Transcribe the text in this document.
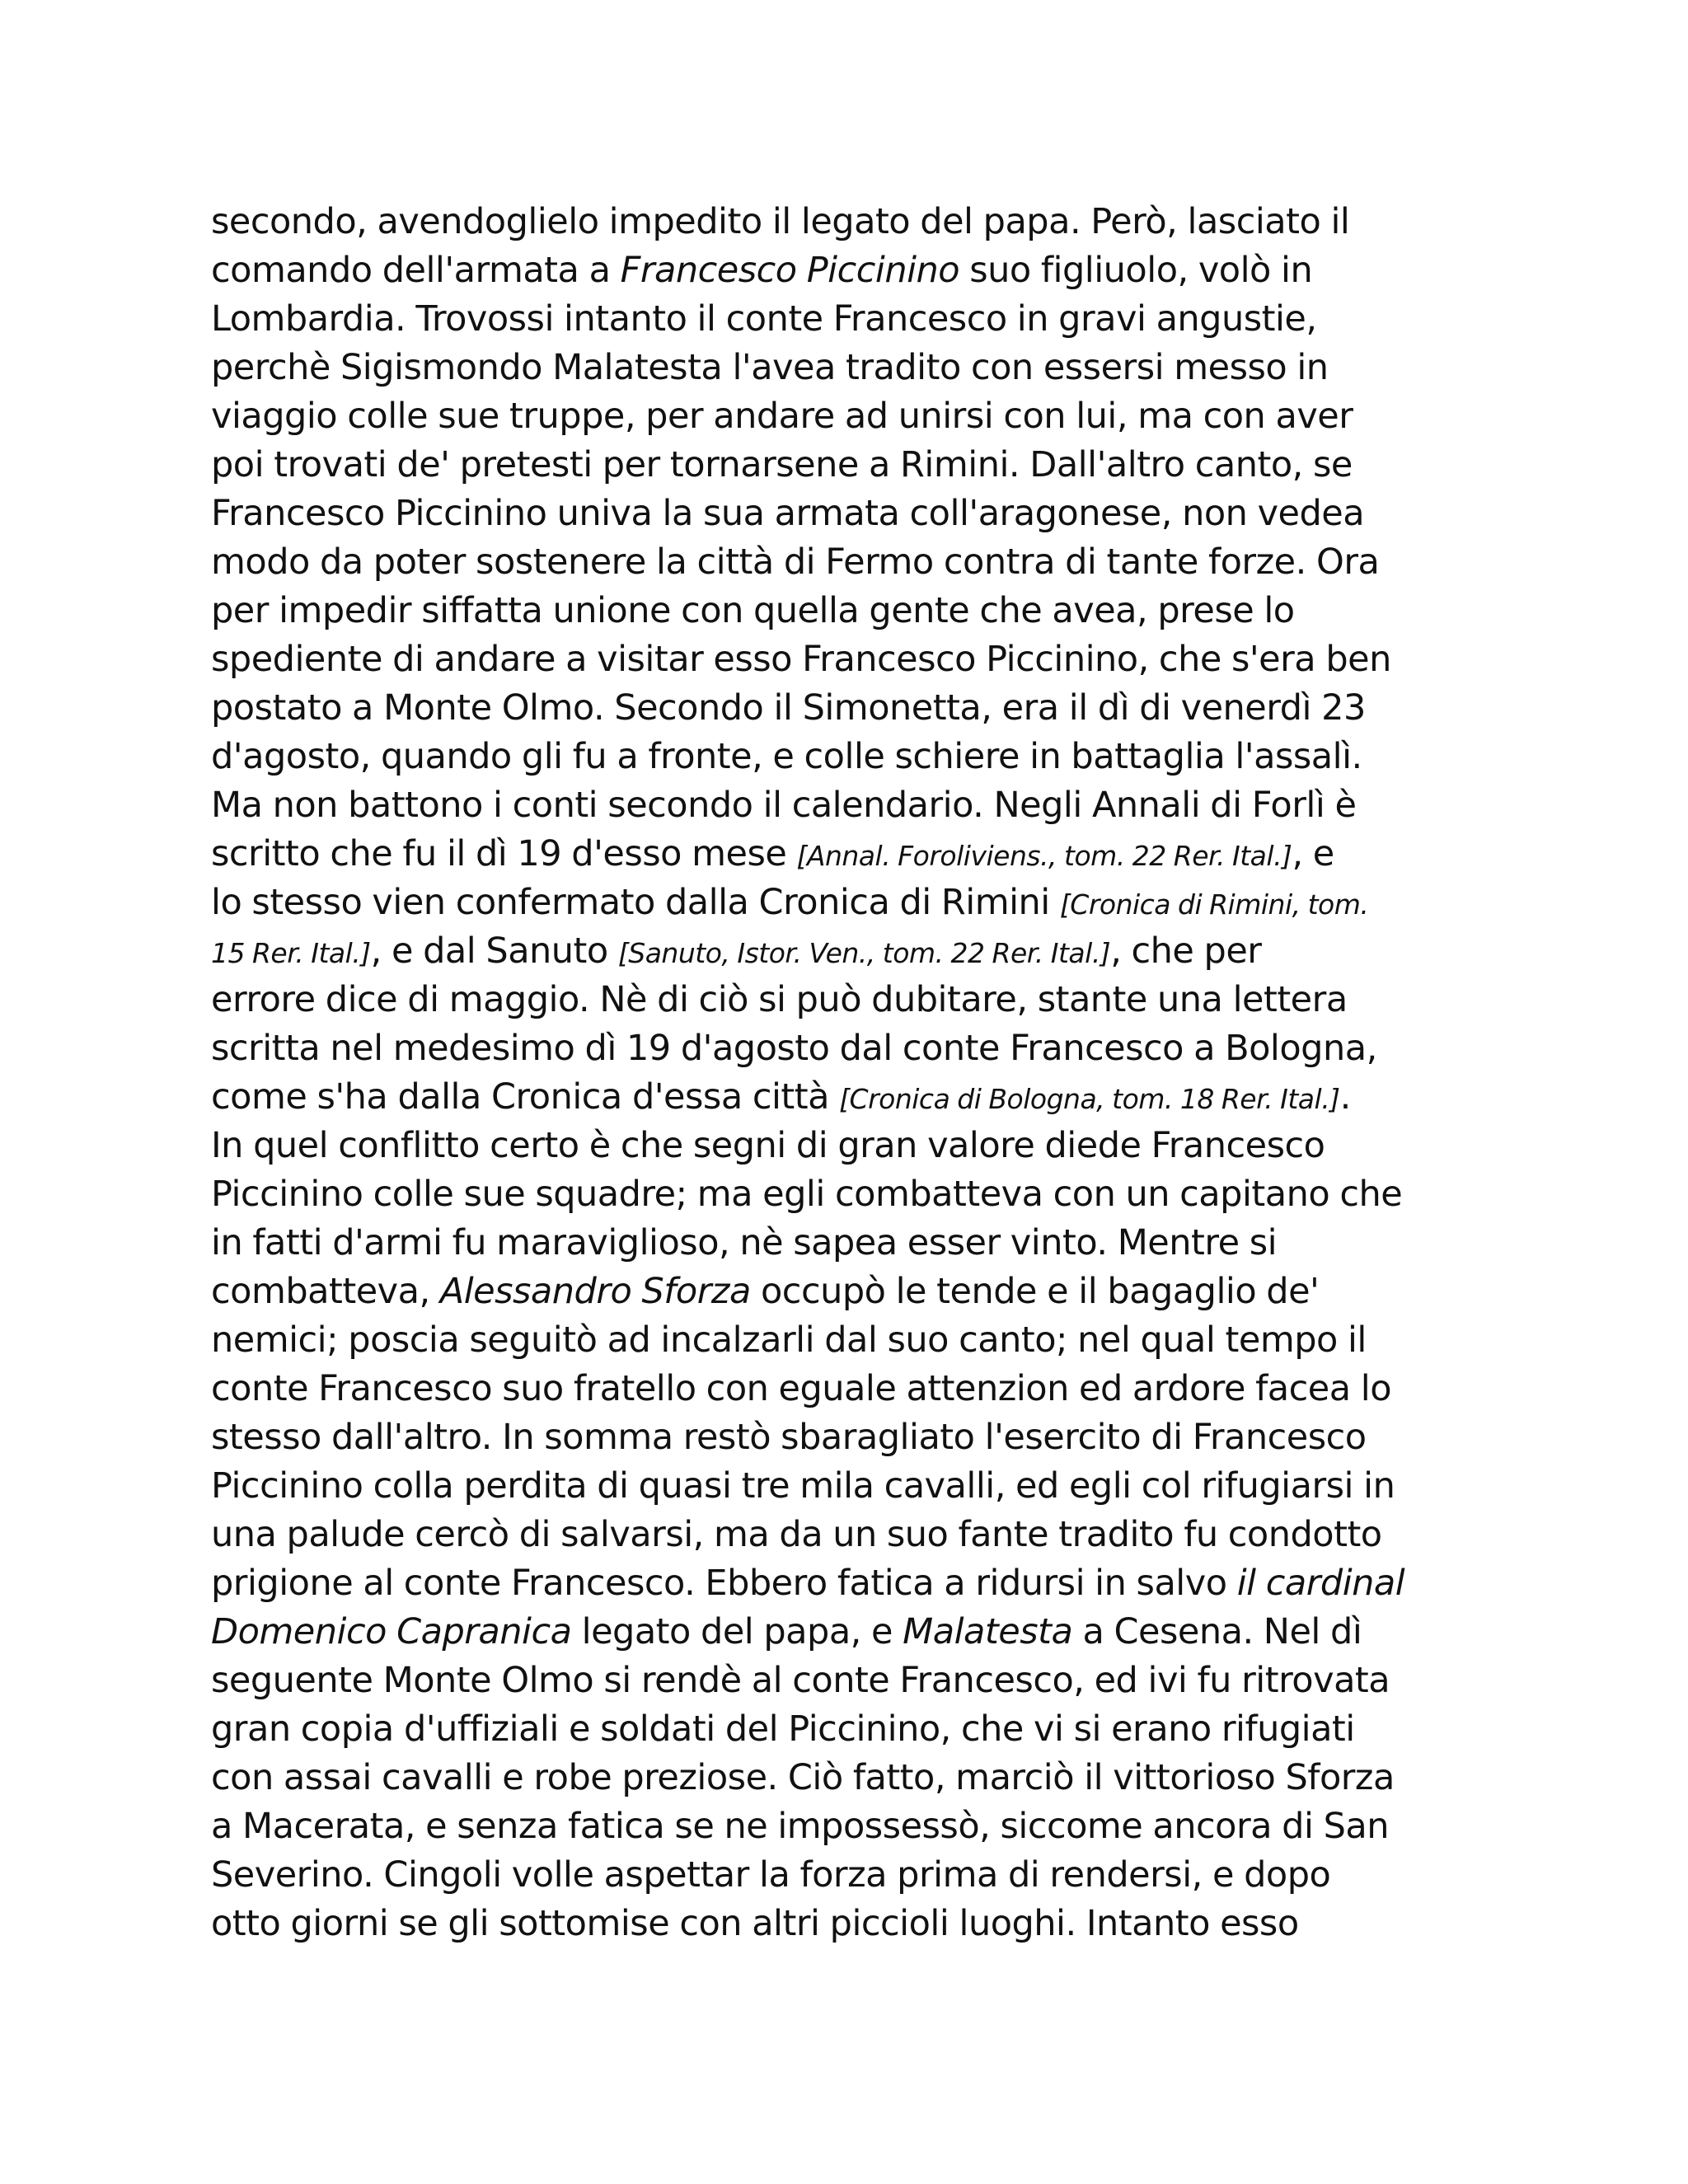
secondo, avendoglielo impedito il legato del papa. Però, lasciato il
comando dell'armata a Francesco Piccinino suo figliuolo, volò in
Lombardia. Trovossi intanto il conte Francesco in gravi angustie,
perchè Sigismondo Malatesta l'avea tradito con essersi messo in
viaggio colle sue truppe, per andare ad unirsi con lui, ma con aver
poi trovati de' pretesti per tornarsene a Rimini. Dall'altro canto, se
Francesco Piccinino univa la sua armata coll'aragonese, non vedea
modo da poter sostenere la città di Fermo contra di tante forze. Ora
per impedir siffatta unione con quella gente che avea, prese lo
spediente di andare a visitar esso Francesco Piccinino, che s'era ben
postato a Monte Olmo. Secondo il Simonetta, era il dì di venerdì 23
d'agosto, quando gli fu a fronte, e colle schiere in battaglia l'assalì.
Ma non battono i conti secondo il calendario. Negli Annali di Forlì è
scritto che fu il dì 19 d'esso mese [Annal. Foroliviens., tom. 22 Rer. Ital.], e
lo stesso vien confermato dalla Cronica di Rimini [Cronica di Rimini, tom.
15 Rer. Ital.], e dal Sanuto [Sanuto, Istor. Ven., tom. 22 Rer. Ital.], che per
errore dice di maggio. Nè di ciò si può dubitare, stante una lettera
scritta nel medesimo dì 19 d'agosto dal conte Francesco a Bologna,
come s'ha dalla Cronica d'essa città [Cronica di Bologna, tom. 18 Rer. Ital.].
In quel conflitto certo è che segni di gran valore diede Francesco
Piccinino colle sue squadre; ma egli combatteva con un capitano che
in fatti d'armi fu maraviglioso, nè sapea esser vinto. Mentre si
combatteva, Alessandro Sforza occupò le tende e il bagaglio de'
nemici; poscia seguitò ad incalzarli dal suo canto; nel qual tempo il
conte Francesco suo fratello con eguale attenzion ed ardore facea lo
stesso dall'altro. In somma restò sbaragliato l'esercito di Francesco
Piccinino colla perdita di quasi tre mila cavalli, ed egli col rifugiarsi in
una palude cercò di salvarsi, ma da un suo fante tradito fu condotto
prigione al conte Francesco. Ebbero fatica a ridursi in salvo il cardinal
Domenico Capranica legato del papa, e Malatesta a Cesena. Nel dì
seguente Monte Olmo si rendè al conte Francesco, ed ivi fu ritrovata
gran copia d'uffiziali e soldati del Piccinino, che vi si erano rifugiati
con assai cavalli e robe preziose. Ciò fatto, marciò il vittorioso Sforza
a Macerata, e senza fatica se ne impossessò, siccome ancora di San
Severino. Cingoli volle aspettar la forza prima di rendersi, e dopo
otto giorni se gli sottomise con altri piccioli luoghi. Intanto esso
